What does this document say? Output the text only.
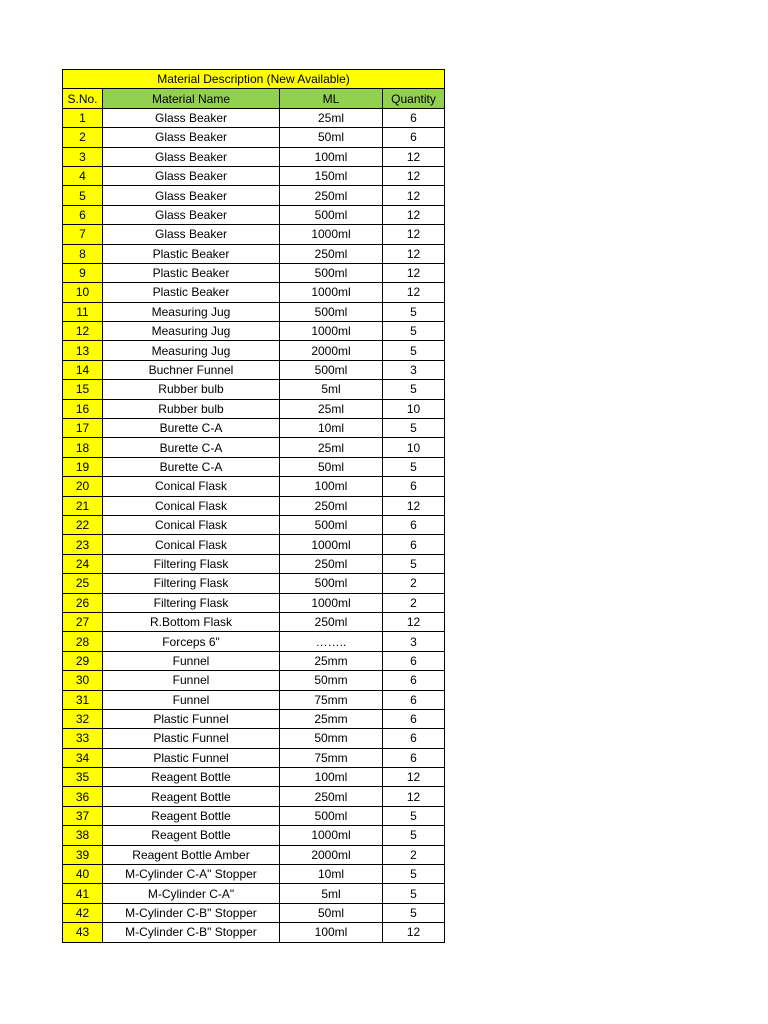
Material Description (New Available)			
S.No.	Material Name	ML	Quantity
1	Glass Beaker	25ml	6
2	Glass Beaker	50ml	6
3	Glass Beaker	100ml	12
4	Glass Beaker	150ml	12
5	Glass Beaker	250ml	12
6	Glass Beaker	500ml	12
7	Glass Beaker	1000ml	12
8	Plastic Beaker	250ml	12
9	Plastic Beaker	500ml	12
10	Plastic Beaker	1000ml	12
11	Measuring Jug	500ml	5
12	Measuring Jug	1000ml	5
13	Measuring Jug	2000ml	5
14	Buchner Funnel	500ml	3
15	Rubber bulb	5ml	5
16	Rubber bulb	25ml	10
17	Burette C-A	10ml	5
18	Burette C-A	25ml	10
19	Burette C-A	50ml	5
20	Conical Flask	100ml	6
21	Conical Flask	250ml	12
22	Conical Flask	500ml	6
23	Conical Flask	1000ml	6
24	Filtering Flask	250ml	5
25	Filtering Flask	500ml	2
26	Filtering Flask	1000ml	2
27	R.Bottom Flask	250ml	12
28	Forceps 6"	……..	3
29	Funnel	25mm	6
30	Funnel	50mm	6
31	Funnel	75mm	6
32	Plastic Funnel	25mm	6
33	Plastic Funnel	50mm	6
34	Plastic Funnel	75mm	6
35	Reagent Bottle	100ml	12
36	Reagent Bottle	250ml	12
37	Reagent Bottle	500ml	5
38	Reagent Bottle	1000ml	5
39	Reagent Bottle Amber	2000ml	2
40	M-Cylinder C-A" Stopper	10ml	5
41	M-Cylinder C-A"	5ml	5
42	M-Cylinder C-B" Stopper	50ml	5
43	M-Cylinder C-B" Stopper	100ml	12
